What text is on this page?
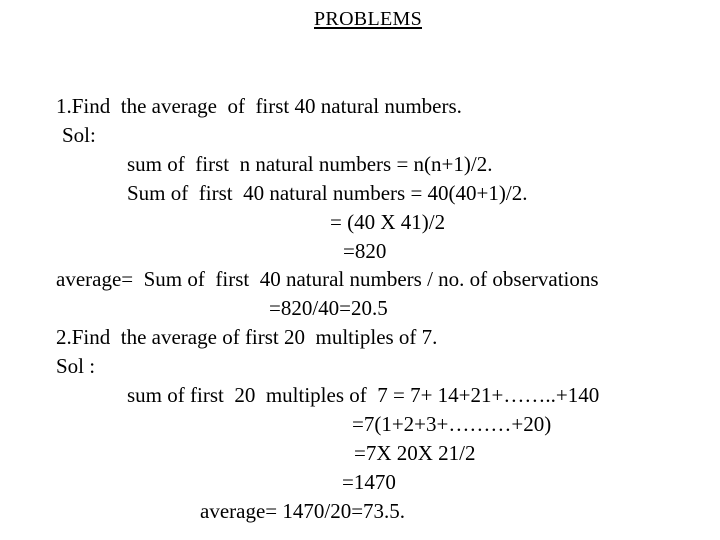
PROBLEMS
1.Find  the average  of  first 40 natural numbers.
Sol:
sum of  first  n natural numbers = n(n+1)/2.
Sum of  first  40 natural numbers = 40(40+1)/2.
= (40 X 41)/2
=820
average=  Sum of  first  40 natural numbers / no. of observations
=820/40=20.5
2.Find  the average of first 20  multiples of 7.
Sol :
sum of first  20  multiples of  7 = 7+ 14+21+……..+140
=7(1+2+3+………+20)
=7X 20X 21/2
=1470
average= 1470/20=73.5.
